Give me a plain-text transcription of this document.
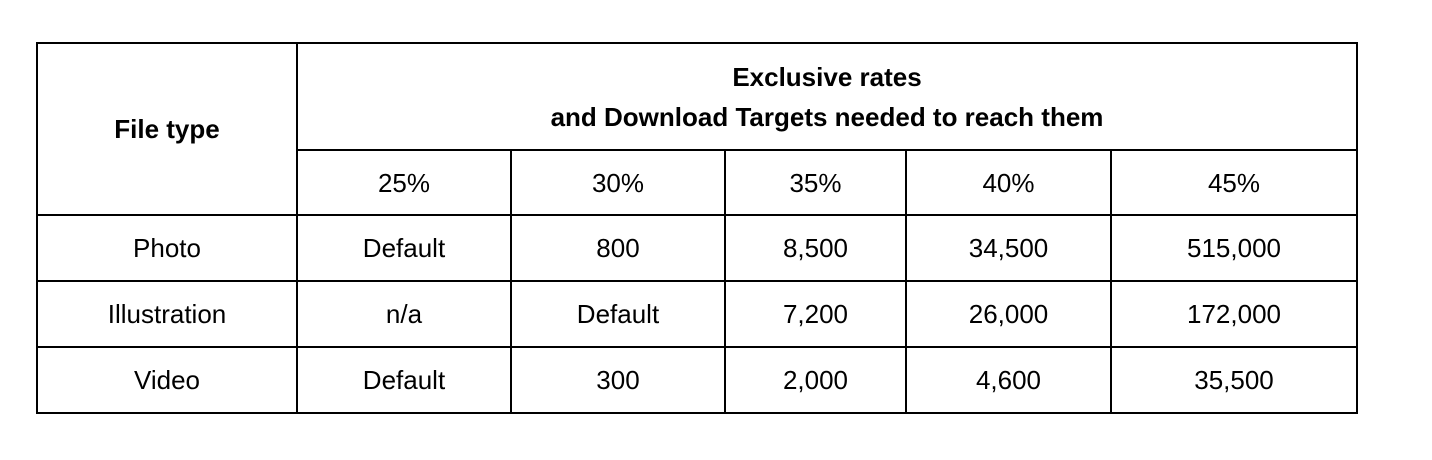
File type	Exclusive rates
and Download Targets needed to reach them				

	25%	30%	35%	40%	45%
Photo	Default	800	8,500	34,500	515,000
Illustration	n/a	Default	7,200	26,000	172,000
Video	Default	300	2,000	4,600	35,500
